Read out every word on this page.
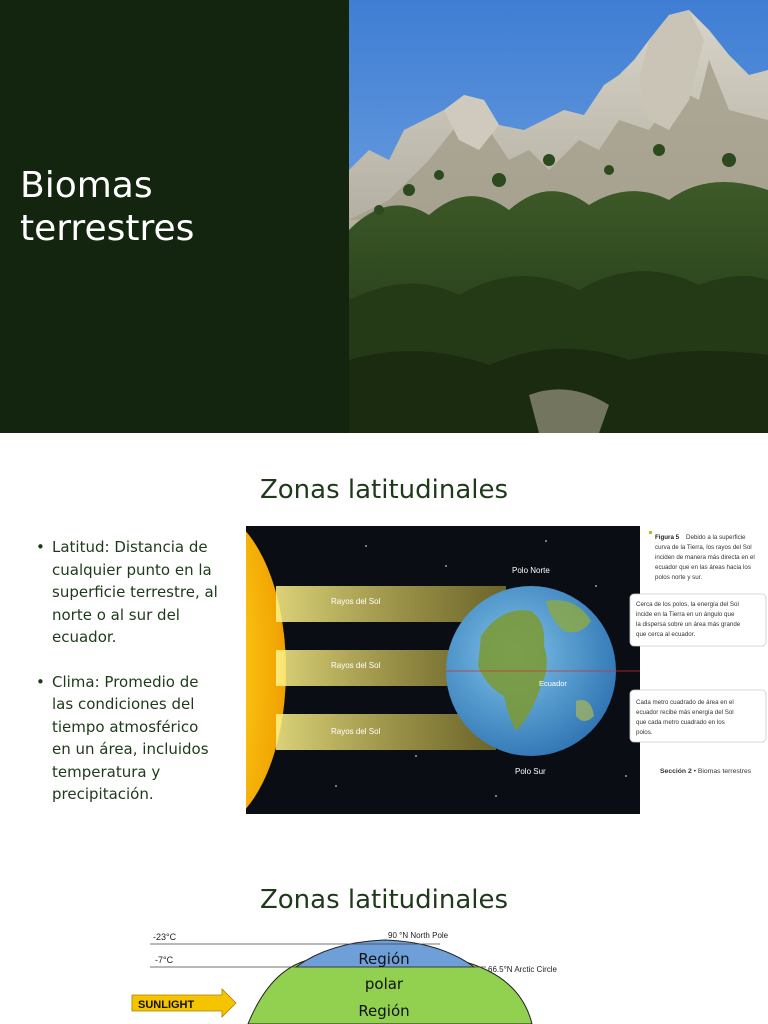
Biomas
terrestres
Zonas latitudinales
• Latitud: Distancia de cualquier punto en la superficie terrestre, al norte o al sur del ecuador.
• Clima: Promedio de las condiciones del tiempo atmosférico en un área, incluidos temperatura y precipitación.
Rayos del Sol
Rayos del Sol
Rayos del Sol
Polo Norte
Ecuador
Polo Sur
Figura 5 Debido a la superficie curva de la Tierra, los rayos del Sol inciden de manera más directa en el ecuador que en las áreas hacia los polos norte y sur.
Cerca de los polos, la energía del Sol incide en la Tierra en un ángulo que la dispersa sobre un área más grande que cerca al ecuador.
Cada metro cuadrado de área en el ecuador recibe más energía del Sol que cada metro cuadrado en los polos.
Sección 2 • Biomas terrestres
Zonas latitudinales
-23°C
-7°C
90 °N North Pole
66.5°N Arctic Circle
Región
polar
Región
SUNLIGHT
